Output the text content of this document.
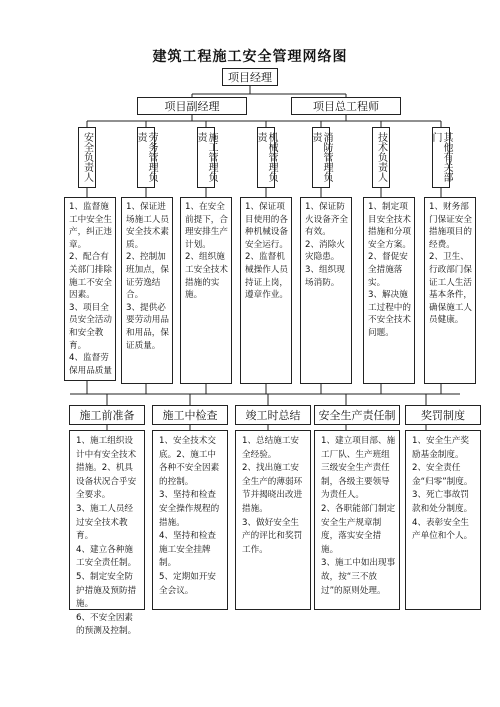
建筑工程施工安全管理网络图
项目经理
项目副经理	项目总工程师
安全负责人	劳务管理负责	施工管理负责	机械管理负责	消防管理负责	技术负责人	其他有关部门

1、监督施工中安全生产，纠正违章。

2、配合有关部门排除施工不安全因素。

3、项目全员安全活动和安全教育。

4、监督劳保用品质量

1、保证进场施工人员安全技术素质。

2、控制加班加点，保证劳逸结合。

3、提供必要劳动用品和用品，保证质量。

1、在安全前提下，合理安排生产计划。

2、组织施工安全技术措施的实施。

1、保证项目使用的各种机械设备安全运行。

2、监督机械操作人员持证上岗，遵章作业。

1、保证防火设备齐全有效。

2、消除火灾隐患。

3、组织现场消防。

1、制定项目安全技术措施和分项安全方案。

2、督促安全措施落实。

3、解决施工过程中的不安全技术问题。

1、财务部门保证安全措施项目的经费。

2、卫生、行政部门保证工人生活基本条件，确保施工人员健康。

施工前准备	施工中检查	竣工时总结 安全生产责任制 奖罚制度

1、施工组织设计中有安全技术措施。2、机具设备状况合乎安全要求。

3、施工人员经过安全技术教育。

4、建立各种施工安全责任制。

5、制定安全防护措施及预防措施。

6、不安全因素的预测及控制。

1、安全技术交底。2、施工中各种不安全因素的控制。

3、坚持和检查安全操作规程的措施。

4、坚持和检查施工安全挂牌制。

5、定期如开安全会议。

1、总结施工安全经验。

2、找出施工安全生产的薄弱环节并揭晓出改进措施。

3、做好安全生产的评比和奖罚工作。

1、建立项目部、施工厂队、生产班组三级安全生产责任制，各级主要领导为责任人。

2、各职能部门制定安全生产规章制度，落实安全措施。

3、施工中如出现事故，按“三不放过”的原则处理。

1、安全生产奖励基金制度。

2、安全责任金“归零”制度。

3、死亡事故罚款和处分制度。

4、表彰安全生产单位和个人。
